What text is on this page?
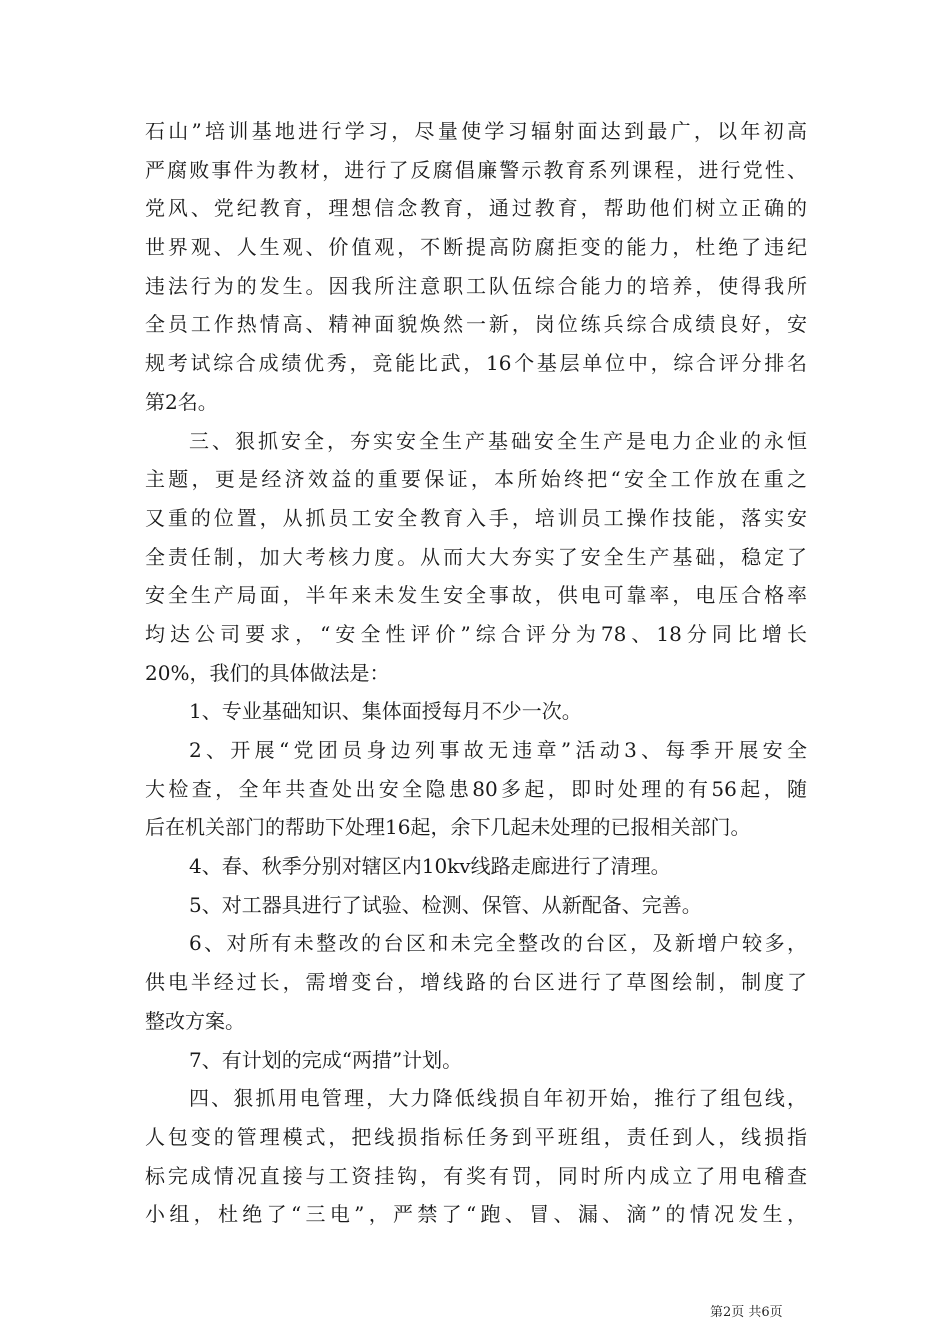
石山”培训基地进行学习，尽量使学习辐射面达到最广，以年初高
严腐败事件为教材，进行了反腐倡廉警示教育系列课程，进行党性、
党风、党纪教育，理想信念教育，通过教育，帮助他们树立正确的
世界观、人生观、价值观，不断提高防腐拒变的能力，杜绝了违纪
违法行为的发生。因我所注意职工队伍综合能力的培养，使得我所
全员工作热情高、精神面貌焕然一新，岗位练兵综合成绩良好，安
规考试综合成绩优秀，竞能比武，16个基层单位中，综合评分排名
第2名。
三、狠抓安全，夯实安全生产基础安全生产是电力企业的永恒
主题，更是经济效益的重要保证，本所始终把“安全工作放在重之
又重的位置，从抓员工安全教育入手，培训员工操作技能，落实安
全责任制，加大考核力度。从而大大夯实了安全生产基础，稳定了
安全生产局面，半年来未发生安全事故，供电可靠率，电压合格率
均达公司要求，“安全性评价”综合评分为78、18分同比增长
20%，我们的具体做法是：
1、专业基础知识、集体面授每月不少一次。
2、开展“党团员身边列事故无违章”活动3、每季开展安全
大检查，全年共查处出安全隐患80多起，即时处理的有56起，随
后在机关部门的帮助下处理16起，余下几起未处理的已报相关部门。
4、春、秋季分别对辖区内10kv线路走廊进行了清理。
5、对工器具进行了试验、检测、保管、从新配备、完善。
6、对所有未整改的台区和未完全整改的台区，及新增户较多，
供电半经过长，需增变台，增线路的台区进行了草图绘制，制度了
整改方案。
7、有计划的完成“两措”计划。
四、狠抓用电管理，大力降低线损自年初开始，推行了组包线，
人包变的管理模式，把线损指标任务到平班组，责任到人，线损指
标完成情况直接与工资挂钩，有奖有罚，同时所内成立了用电稽查
小组，杜绝了“三电”，严禁了“跑、冒、漏、滴”的情况发生，
第2页 共6页
